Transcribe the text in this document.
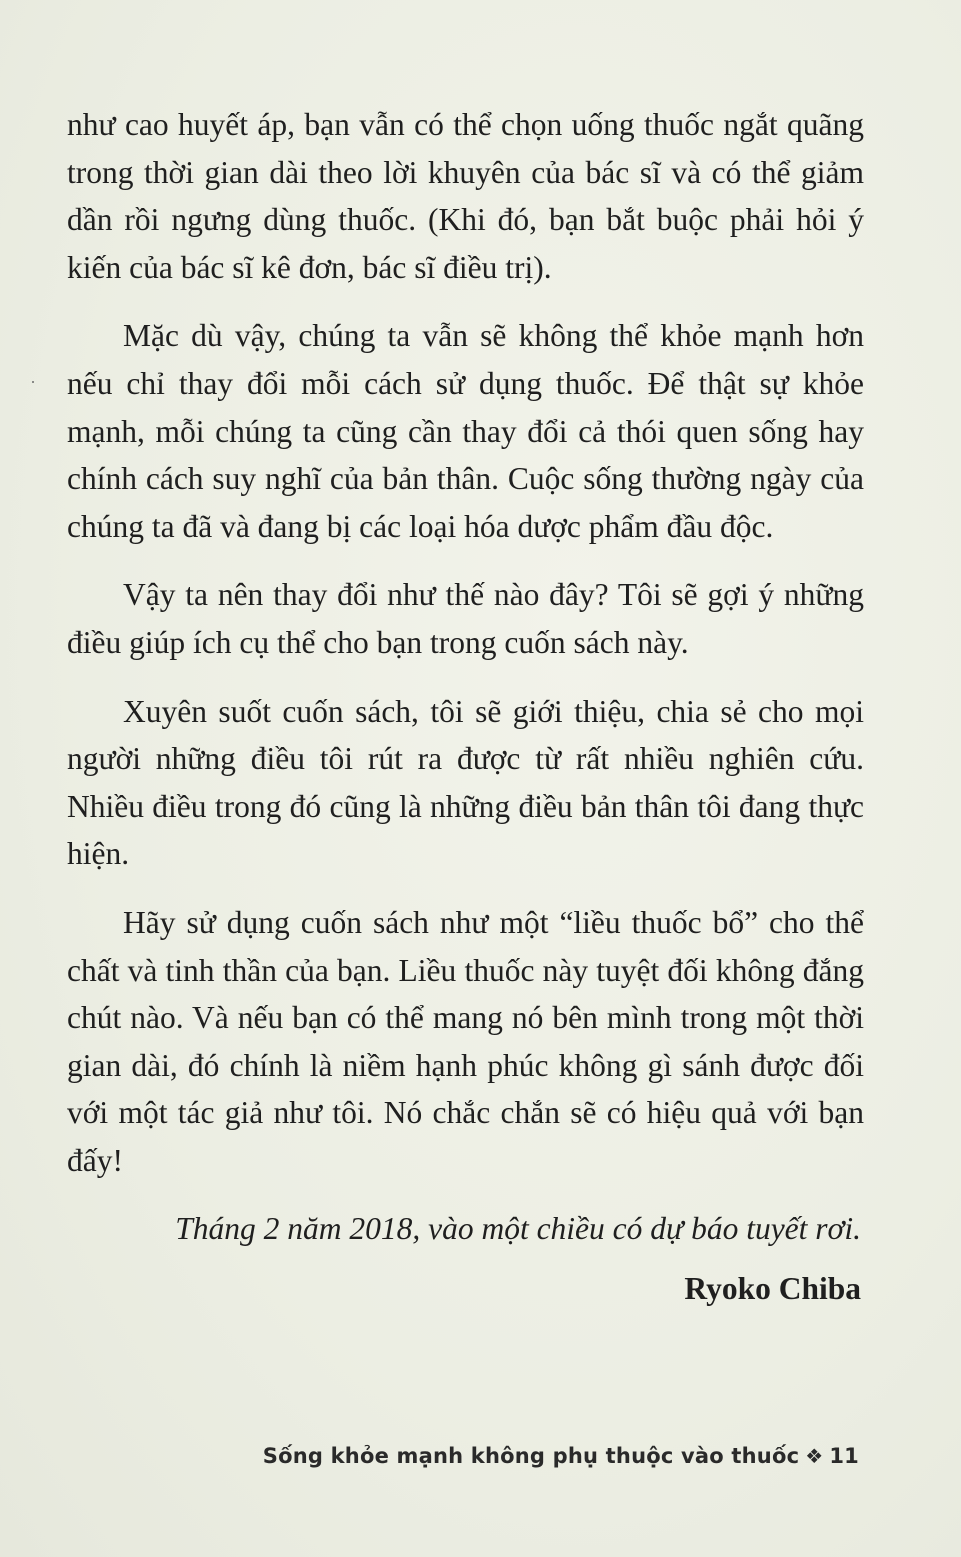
như cao huyết áp, bạn vẫn có thể chọn uống thuốc ngắt quãng trong thời gian dài theo lời khuyên của bác sĩ và có thể giảm dần rồi ngưng dùng thuốc. (Khi đó, bạn bắt buộc phải hỏi ý kiến của bác sĩ kê đơn, bác sĩ điều trị).

Mặc dù vậy, chúng ta vẫn sẽ không thể khỏe mạnh hơn nếu chỉ thay đổi mỗi cách sử dụng thuốc. Để thật sự khỏe mạnh, mỗi chúng ta cũng cần thay đổi cả thói quen sống hay chính cách suy nghĩ của bản thân. Cuộc sống thường ngày của chúng ta đã và đang bị các loại hóa dược phẩm đầu độc.

Vậy ta nên thay đổi như thế nào đây? Tôi sẽ gợi ý những điều giúp ích cụ thể cho bạn trong cuốn sách này.

Xuyên suốt cuốn sách, tôi sẽ giới thiệu, chia sẻ cho mọi người những điều tôi rút ra được từ rất nhiều nghiên cứu. Nhiều điều trong đó cũng là những điều bản thân tôi đang thực hiện.

Hãy sử dụng cuốn sách như một “liều thuốc bổ” cho thể chất và tinh thần của bạn. Liều thuốc này tuyệt đối không đắng chút nào. Và nếu bạn có thể mang nó bên mình trong một thời gian dài, đó chính là niềm hạnh phúc không gì sánh được đối với một tác giả như tôi. Nó chắc chắn sẽ có hiệu quả với bạn đấy!

Tháng 2 năm 2018, vào một chiều có dự báo tuyết rơi.

Ryoko Chiba

Sống khỏe mạnh không phụ thuộc vào thuốc ❖ 11
